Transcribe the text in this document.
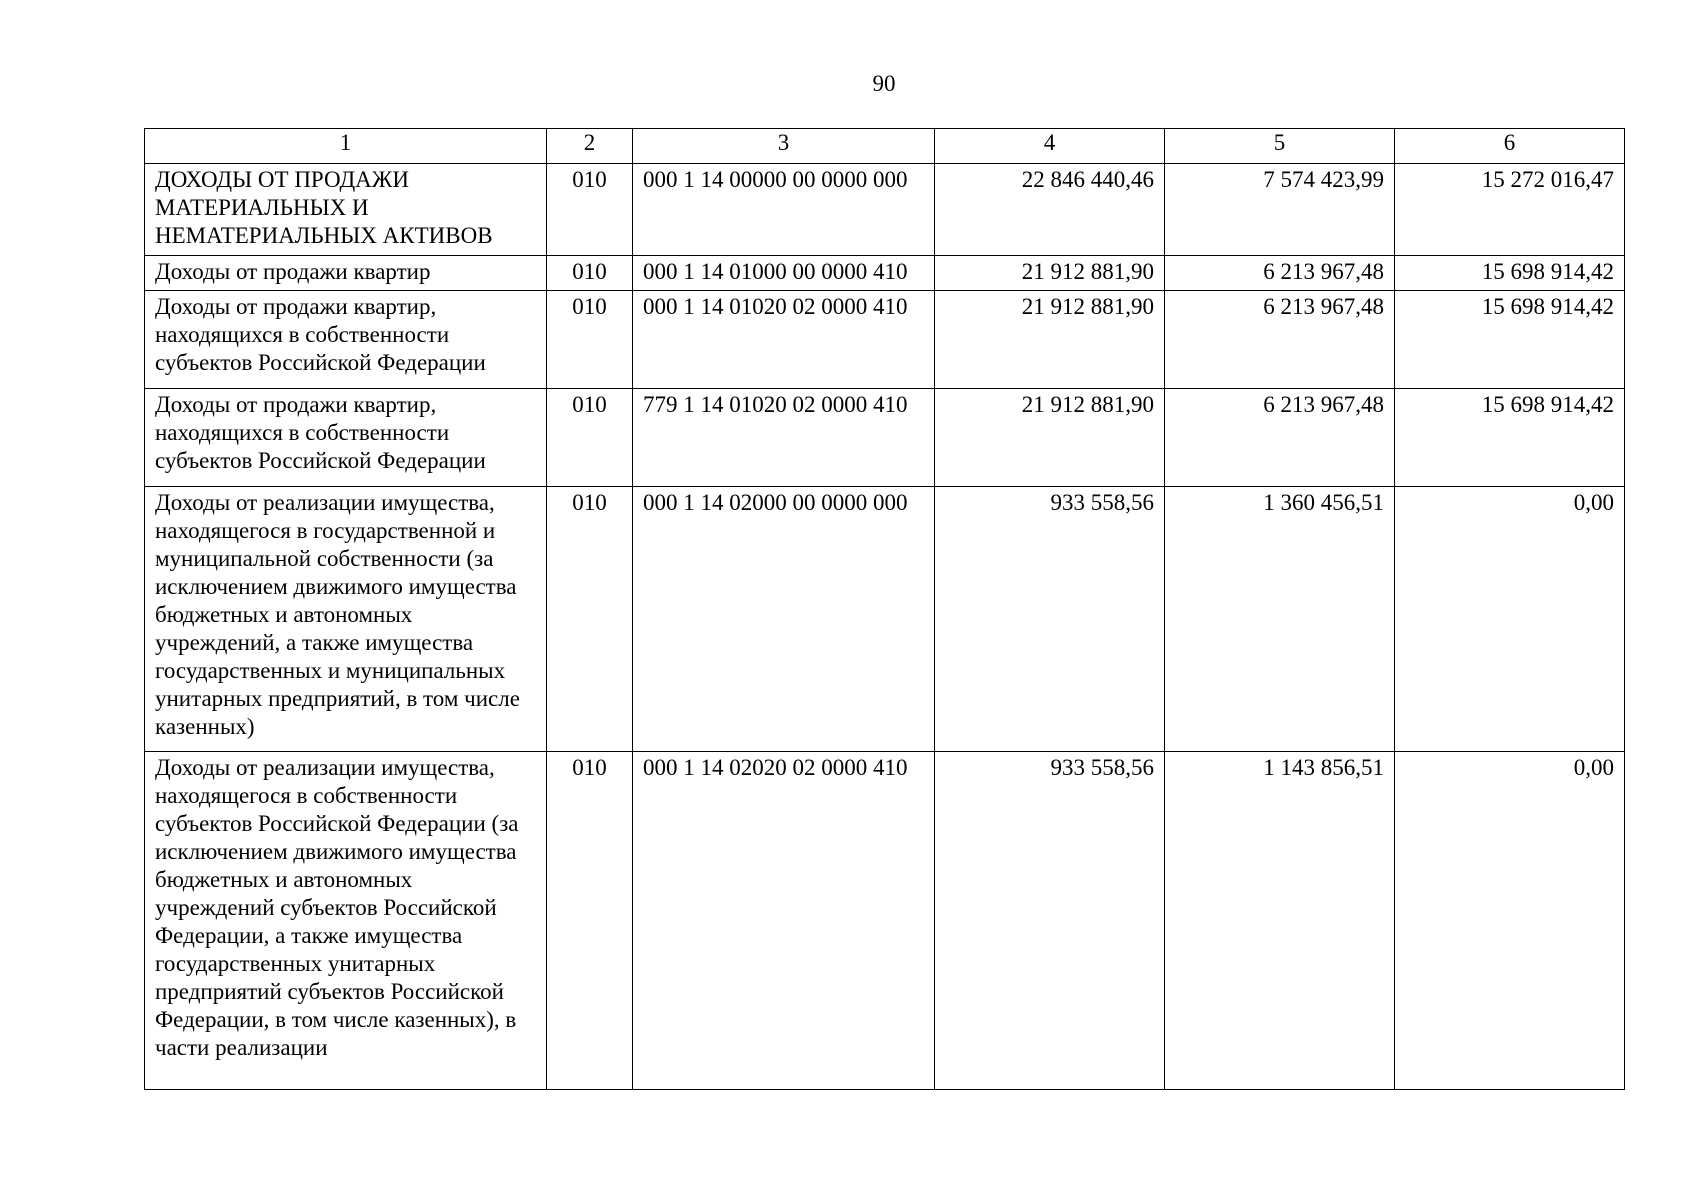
90
1	2	3	4	5	6
ДОХОДЫ ОТ ПРОДАЖИ МАТЕРИАЛЬНЫХ И НЕМАТЕРИАЛЬНЫХ АКТИВОВ	010	000 1 14 00000 00 0000 000	22 846 440,46	7 574 423,99	15 272 016,47
Доходы от продажи квартир	010	000 1 14 01000 00 0000 410	21 912 881,90	6 213 967,48	15 698 914,42
Доходы от продажи квартир, находящихся в собственности субъектов Российской Федерации	010	000 1 14 01020 02 0000 410	21 912 881,90	6 213 967,48	15 698 914,42
Доходы от продажи квартир, находящихся в собственности субъектов Российской Федерации	010	779 1 14 01020 02 0000 410	21 912 881,90	6 213 967,48	15 698 914,42
Доходы от реализации имущества, находящегося в государственной и муниципальной собственности (за исключением движимого имущества бюджетных и автономных учреждений, а также имущества государственных и муниципальных унитарных предприятий, в том числе казенных)	010	000 1 14 02000 00 0000 000	933 558,56	1 360 456,51	0,00
Доходы от реализации имущества, находящегося в собственности субъектов Российской Федерации (за исключением движимого имущества бюджетных и автономных учреждений субъектов Российской Федерации, а также имущества государственных унитарных предприятий субъектов Российской Федерации, в том числе казенных), в части реализации	010	000 1 14 02020 02 0000 410	933 558,56	1 143 856,51	0,00
